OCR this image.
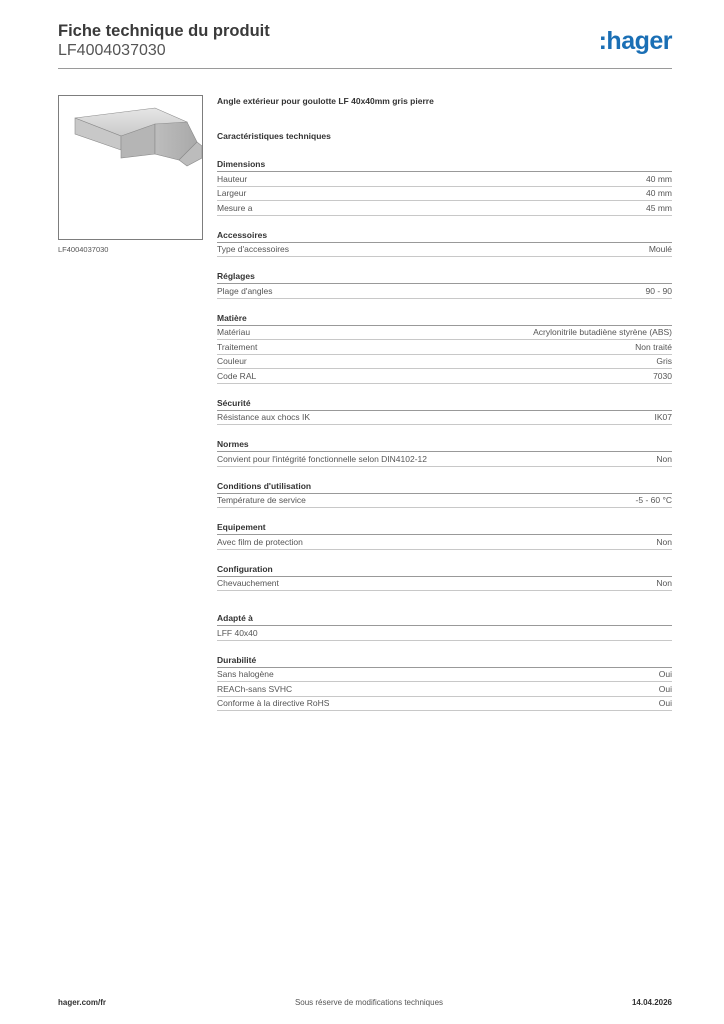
Fiche technique du produit
LF4004037030	:hager
LF4004037030
Angle extérieur pour goulotte LF 40x40mm gris pierre
Caractéristiques techniques
Dimensions
Hauteur	40 mm
Largeur	40 mm
Mesure a	45 mm
Accessoires
Type d'accessoires	Moulé
Réglages
Plage d'angles	90 - 90
Matière
Matériau	Acrylonitrile butadiène styrène (ABS)
Traitement	Non traité
Couleur	Gris
Code RAL	7030
Sécurité
Résistance aux chocs IK	IK07
Normes
Convient pour l'intégrité fonctionnelle selon DIN4102-12	Non
Conditions d'utilisation
Température de service	-5 - 60 °C
Equipement
Avec film de protection	Non
Configuration
Chevauchement	Non
Adapté à
LFF 40x40
Durabilité
Sans halogène	Oui
REACh-sans SVHC	Oui
Conforme à la directive RoHS	Oui
hager.com/fr	Sous réserve de modifications techniques	14.04.2026
